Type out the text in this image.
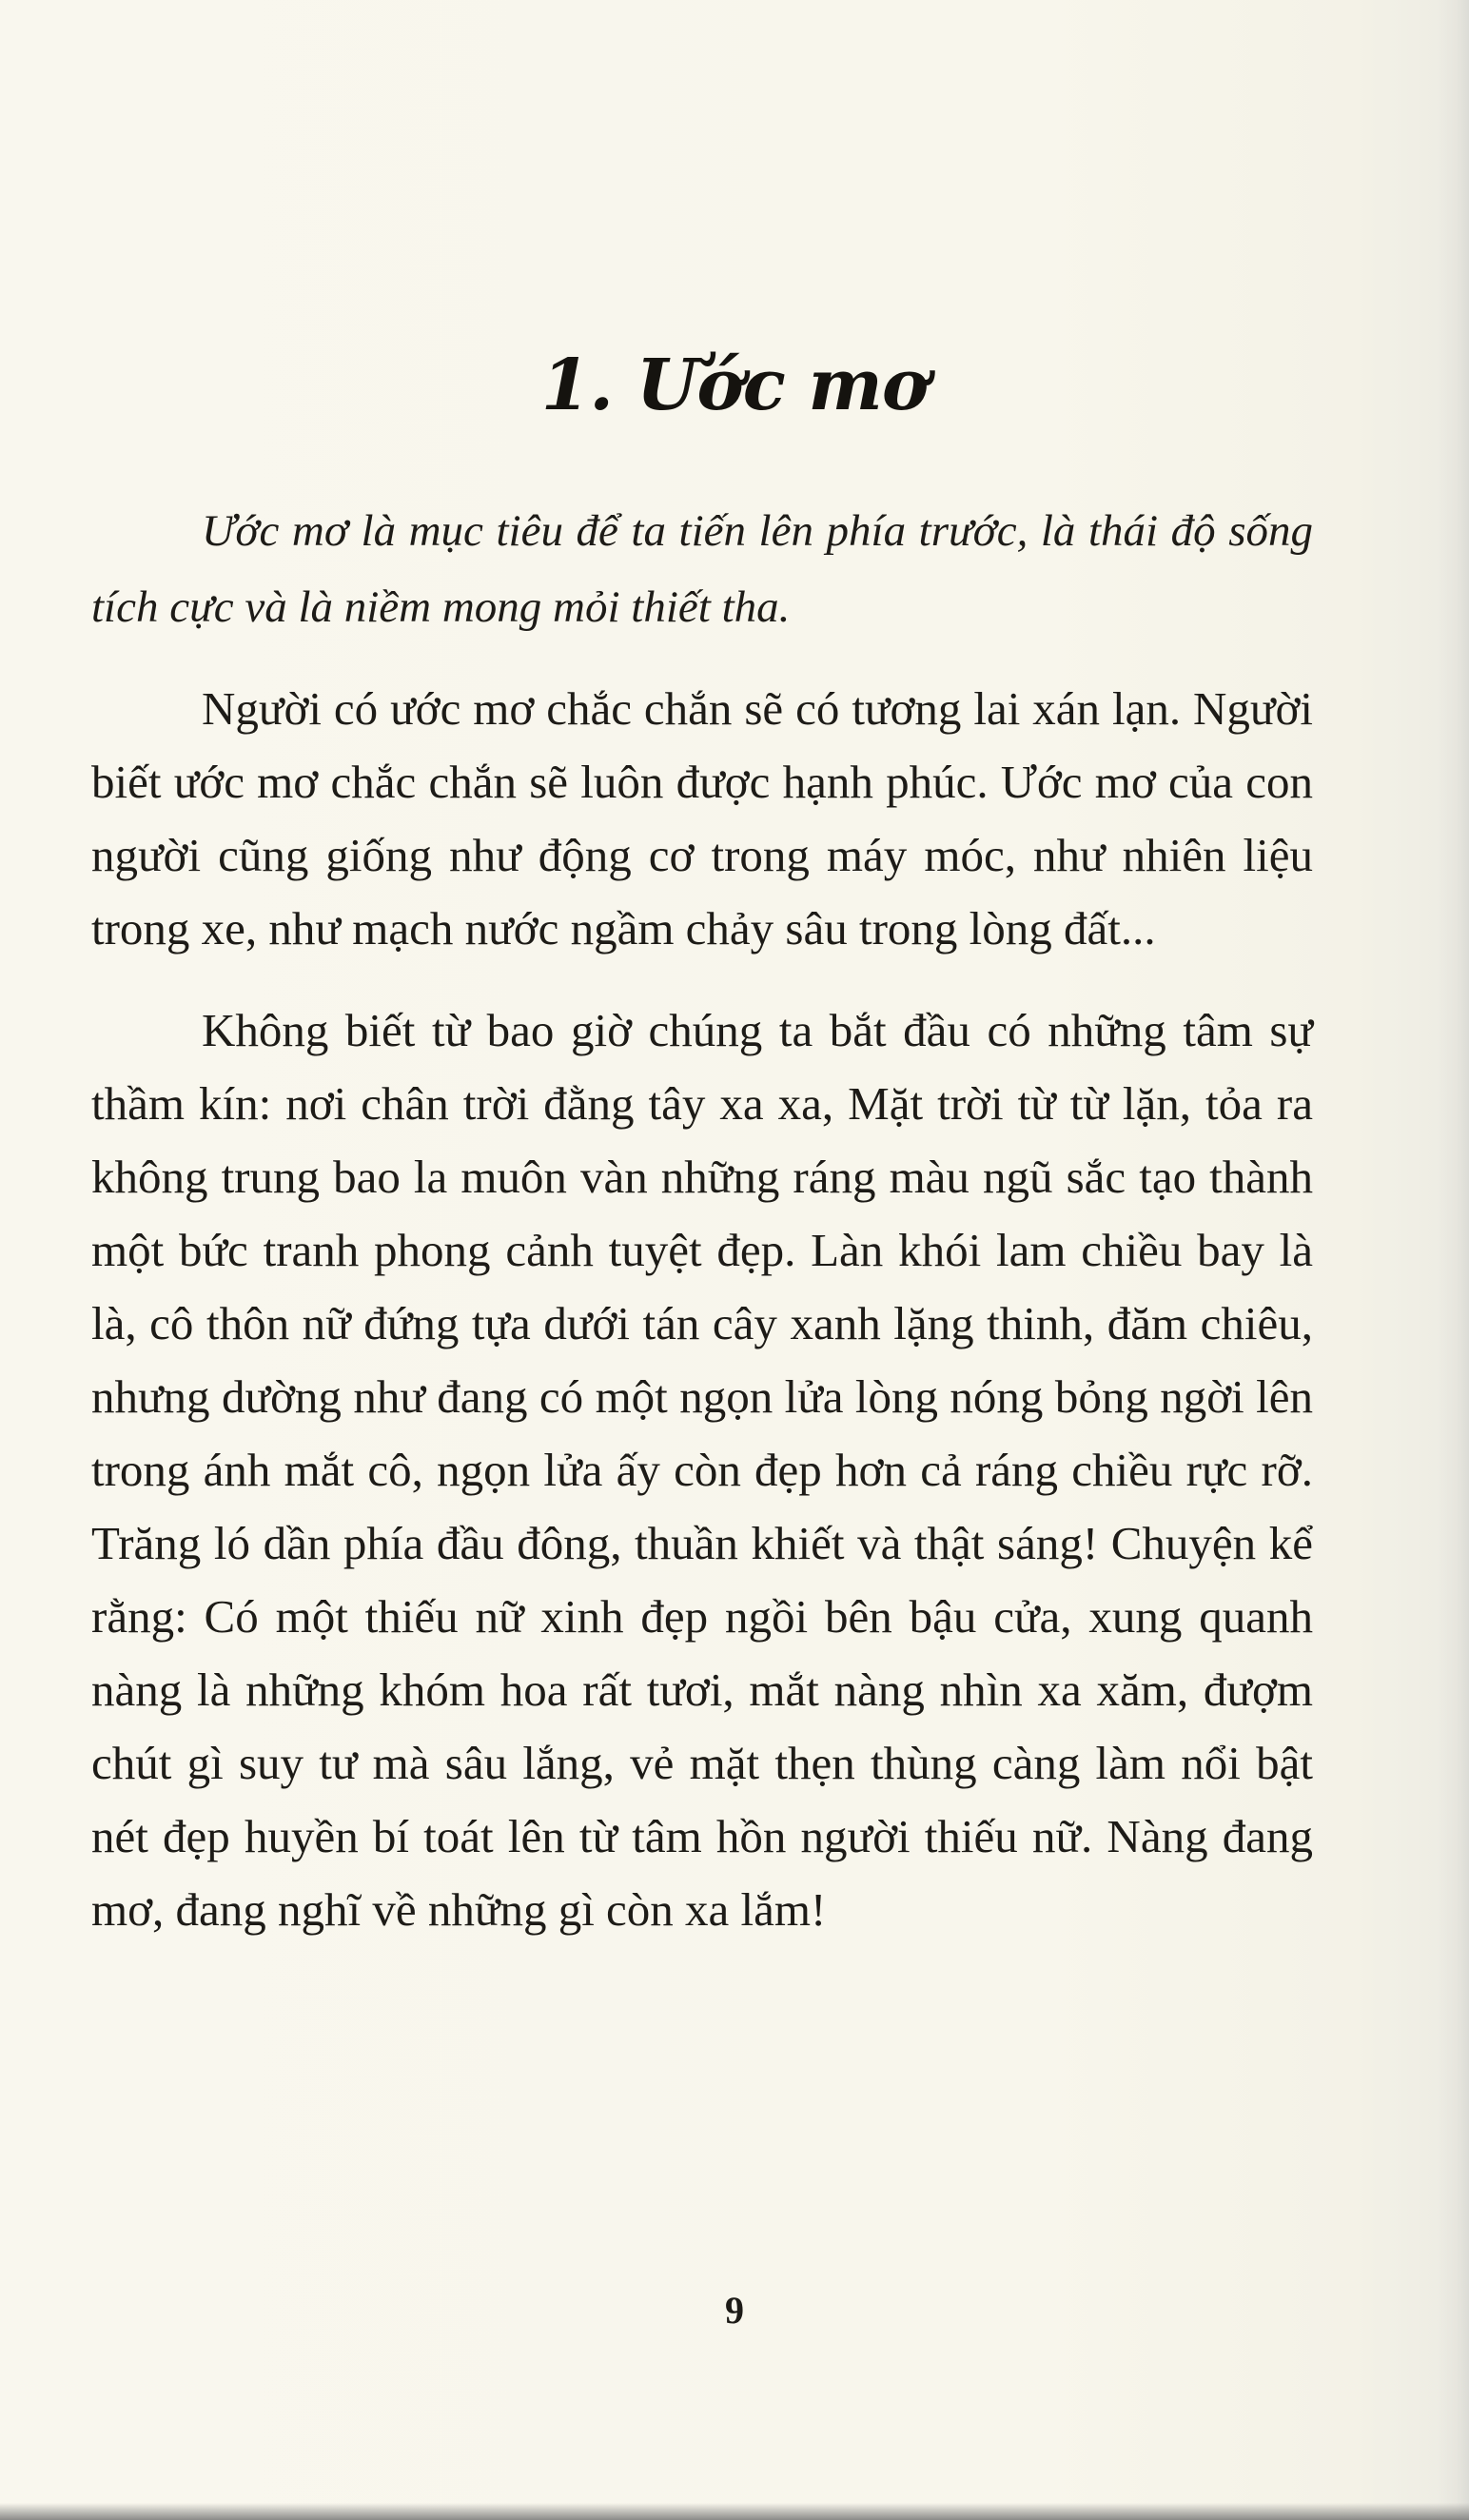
1. Ước mơ

Ước mơ là mục tiêu để ta tiến lên phía trước, là thái độ sống tích cực và là niềm mong mỏi thiết tha.

Người có ước mơ chắc chắn sẽ có tương lai xán lạn. Người biết ước mơ chắc chắn sẽ luôn được hạnh phúc. Ước mơ của con người cũng giống như động cơ trong máy móc, như nhiên liệu trong xe, như mạch nước ngầm chảy sâu trong lòng đất...

Không biết từ bao giờ chúng ta bắt đầu có những tâm sự thầm kín: nơi chân trời đằng tây xa xa, Mặt trời từ từ lặn, tỏa ra không trung bao la muôn vàn những ráng màu ngũ sắc tạo thành một bức tranh phong cảnh tuyệt đẹp. Làn khói lam chiều bay là là, cô thôn nữ đứng tựa dưới tán cây xanh lặng thinh, đăm chiêu, nhưng dường như đang có một ngọn lửa lòng nóng bỏng ngời lên trong ánh mắt cô, ngọn lửa ấy còn đẹp hơn cả ráng chiều rực rỡ. Trăng ló dần phía đầu đông, thuần khiết và thật sáng! Chuyện kể rằng: Có một thiếu nữ xinh đẹp ngồi bên bậu cửa, xung quanh nàng là những khóm hoa rất tươi, mắt nàng nhìn xa xăm, đượm chút gì suy tư mà sâu lắng, vẻ mặt thẹn thùng càng làm nổi bật nét đẹp huyền bí toát lên từ tâm hồn người thiếu nữ. Nàng đang mơ, đang nghĩ về những gì còn xa lắm!

9
